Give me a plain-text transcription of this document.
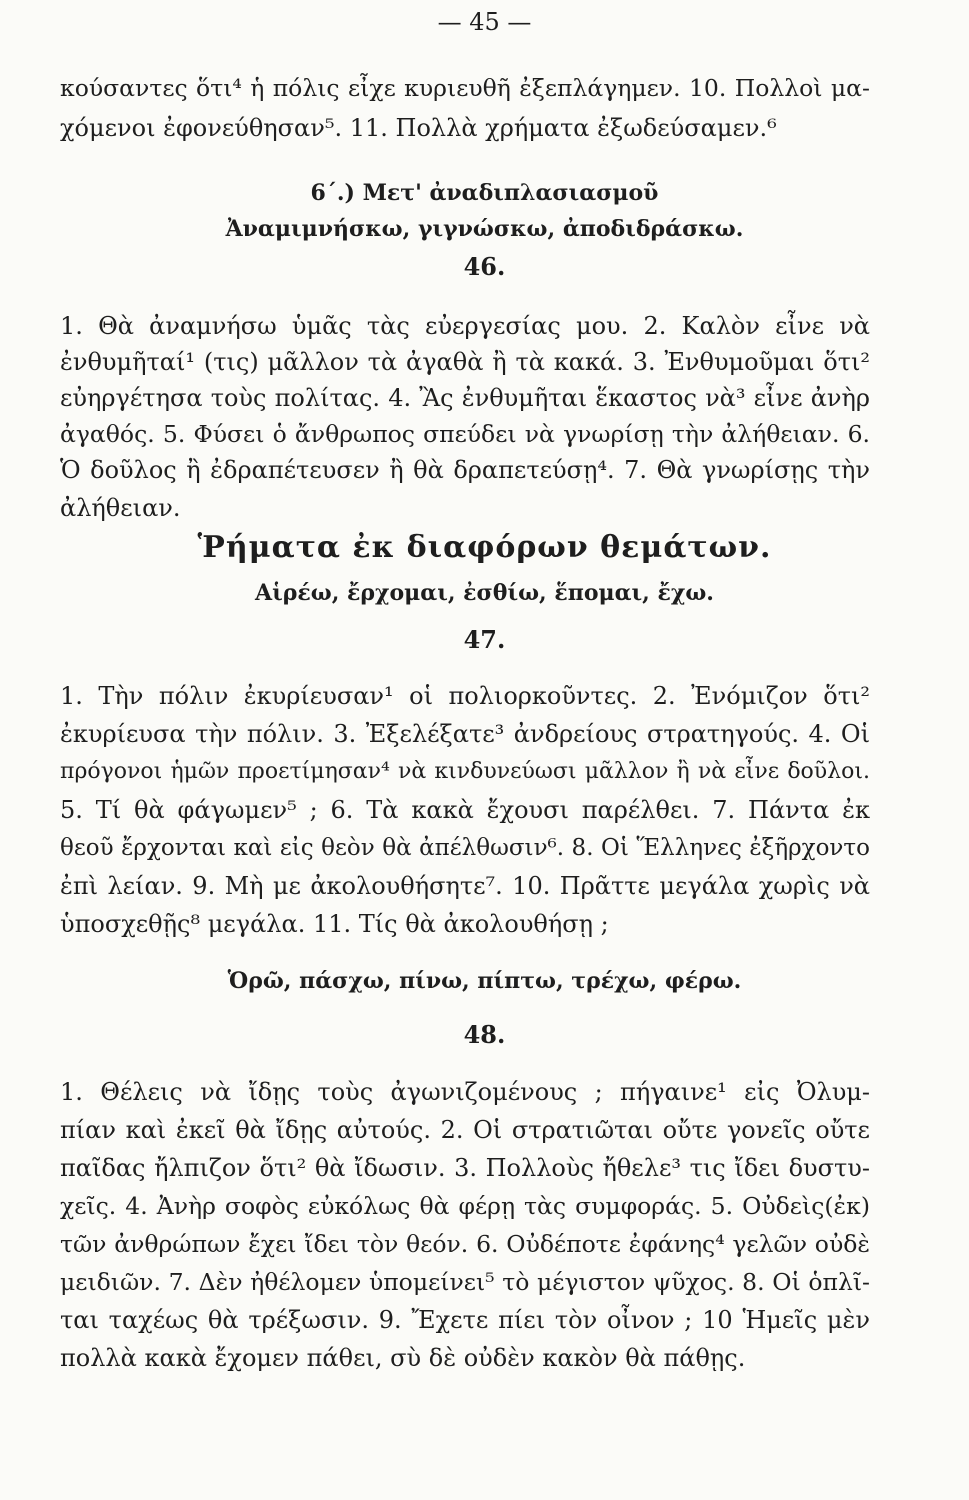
— 45 —
κούσαντες ὅτι⁴ ἡ πόλις εἶχε κυριευθῆ ἐξεπλάγημεν. 10. Πολλοὶ μα-
χόμενοι ἐφονεύθησαν⁵. 11. Πολλὰ χρήματα ἐξωδεύσαμεν.⁶
6΄.) Μετ' ἀναδιπλασιασμοῦ
Ἀναμιμνήσκω, γιγνώσκω, ἀποδιδράσκω.
46.
1. Θὰ ἀναμνήσω ὑμᾶς τὰς εὐεργεσίας μου. 2. Καλὸν εἶνε νὰ
ἐνθυμῆταί¹ (τις) μᾶλλον τὰ ἀγαθὰ ἢ τὰ κακά. 3. Ἐνθυμοῦμαι ὅτι²
εὐηργέτησα τοὺς πολίτας. 4. Ἂς ἐνθυμῆται ἕκαστος νὰ³ εἶνε ἀνὴρ
ἀγαθός. 5. Φύσει ὁ ἄνθρωπος σπεύδει νὰ γνωρίσῃ τὴν ἀλήθειαν. 6.
Ὁ δοῦλος ἢ ἐδραπέτευσεν ἢ θὰ δραπετεύσῃ⁴. 7. Θὰ γνωρίσῃς τὴν
ἀλήθειαν.
Ῥήματα ἐκ διαφόρων θεμάτων.
Αἱρέω, ἔρχομαι, ἐσθίω, ἕπομαι, ἔχω.
47.
1. Τὴν πόλιν ἐκυρίευσαν¹ οἱ πολιορκοῦντες. 2. Ἐνόμιζον ὅτι²
ἐκυρίευσα τὴν πόλιν. 3. Ἐξελέξατε³ ἀνδρείους στρατηγούς. 4. Οἱ
πρόγονοι ἡμῶν προετίμησαν⁴ νὰ κινδυνεύωσι μᾶλλον ἢ νὰ εἶνε δοῦλοι.
5. Τί θὰ φάγωμεν⁵ ; 6. Τὰ κακὰ ἔχουσι παρέλθει. 7. Πάντα ἐκ
θεοῦ ἔρχονται καὶ εἰς θεὸν θὰ ἀπέλθωσιν⁶. 8. Οἱ Ἕλληνες ἐξῆρχοντο
ἐπὶ λείαν. 9. Μὴ με ἀκολουθήσητε⁷. 10. Πρᾶττε μεγάλα χωρὶς νὰ
ὑποσχεθῇς⁸ μεγάλα. 11. Τίς θὰ ἀκολουθήσῃ ;
Ὁρῶ, πάσχω, πίνω, πίπτω, τρέχω, φέρω.
48.
1. Θέλεις νὰ ἴδῃς τοὺς ἀγωνιζομένους ; πήγαινε¹ εἰς Ὀλυμ-
πίαν καὶ ἐκεῖ θὰ ἴδῃς αὐτούς. 2. Οἱ στρατιῶται οὔτε γονεῖς οὔτε
παῖδας ἤλπιζον ὅτι² θὰ ἴδωσιν. 3. Πολλοὺς ἤθελε³ τις ἴδει δυστυ-
χεῖς. 4. Ἀνὴρ σοφὸς εὐκόλως θὰ φέρῃ τὰς συμφοράς. 5. Οὐδεὶς(ἐκ)
τῶν ἀνθρώπων ἔχει ἴδει τὸν θεόν. 6. Οὐδέποτε ἐφάνης⁴ γελῶν οὐδὲ
μειδιῶν. 7. Δὲν ἠθέλομεν ὑπομείνει⁵ τὸ μέγιστον ψῦχος. 8. Οἱ ὁπλῖ-
ται ταχέως θὰ τρέξωσιν. 9. Ἔχετε πίει τὸν οἶνον ; 10 Ἡμεῖς μὲν
πολλὰ κακὰ ἔχομεν πάθει, σὺ δὲ οὐδὲν κακὸν θὰ πάθῃς.
